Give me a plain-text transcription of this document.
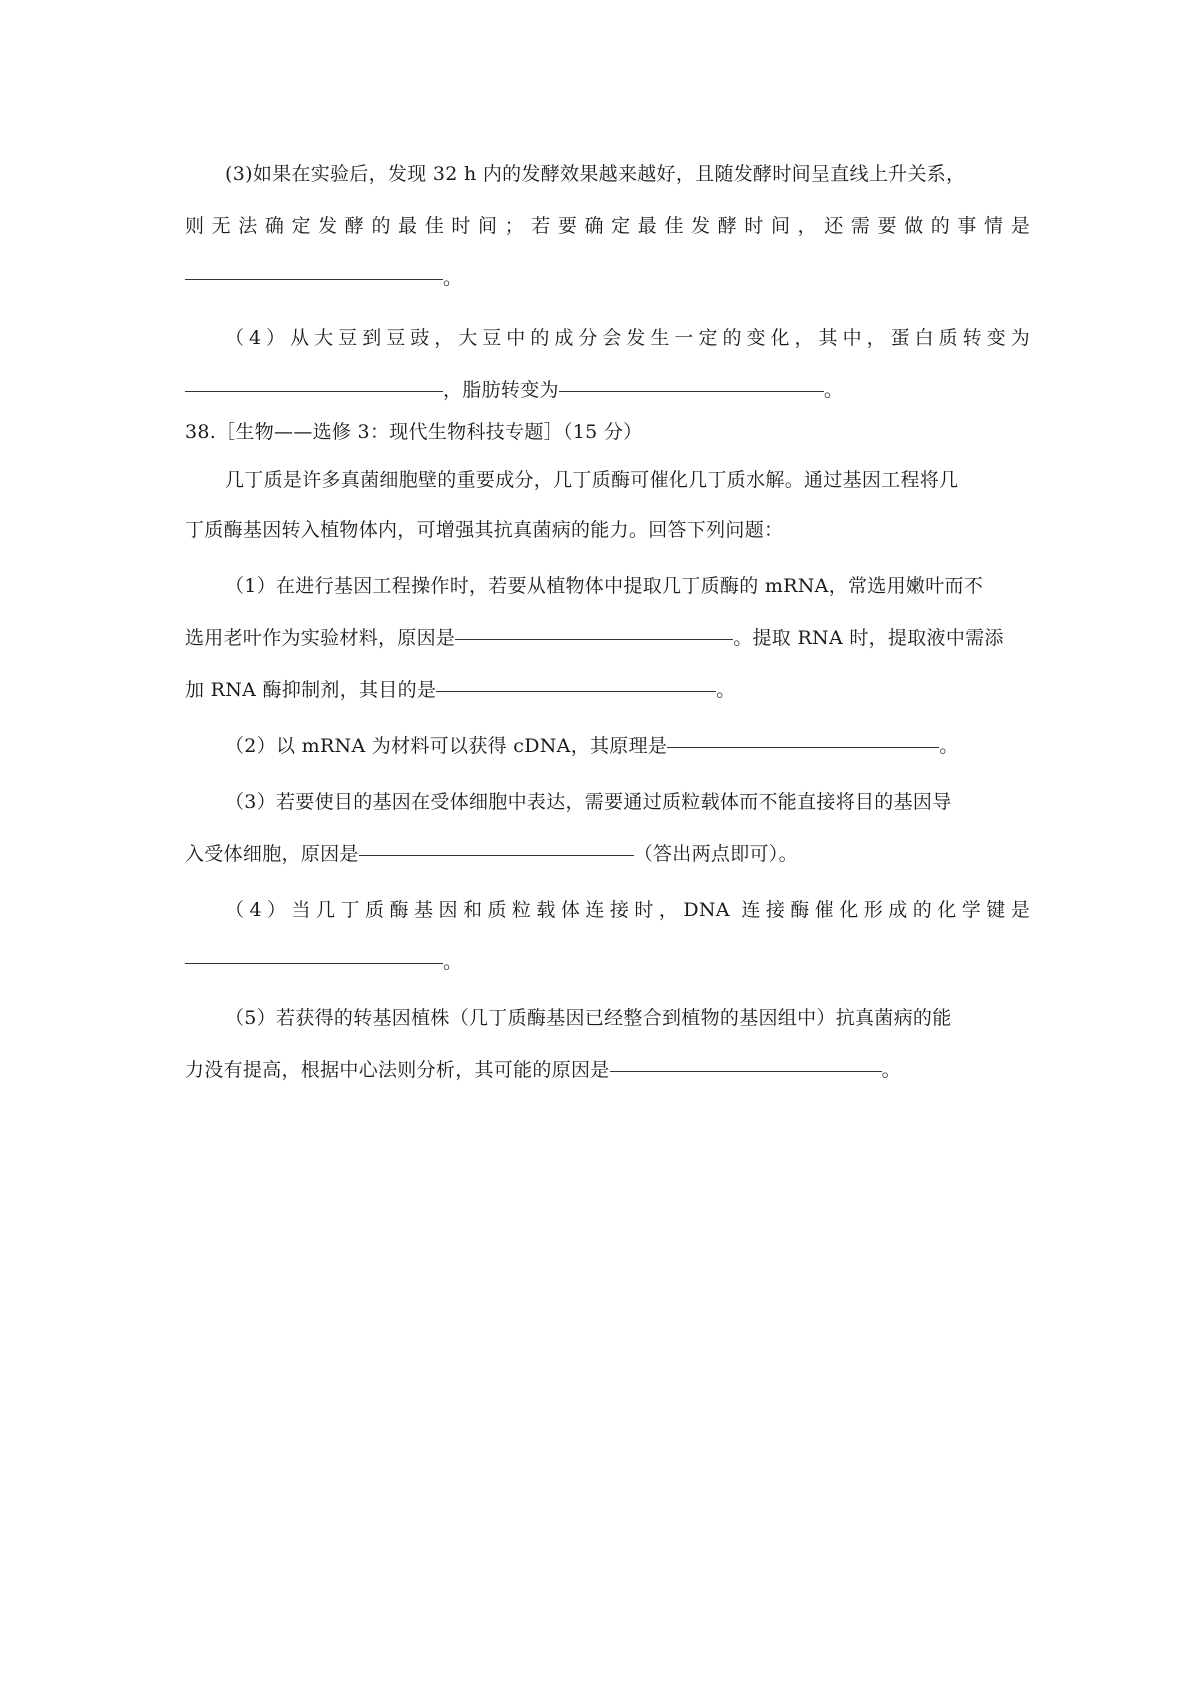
(3)如果在实验后，发现 32 h 内的发酵效果越来越好，且随发酵时间呈直线上升关系，
则无法确定发酵的最佳时间；若要确定最佳发酵时间，还需要做的事情是
。
（4）从大豆到豆豉，大豆中的成分会发生一定的变化，其中，蛋白质转变为
，脂肪转变为	。
38.［生物——选修 3：现代生物科技专题］（15 分）
几丁质是许多真菌细胞壁的重要成分，几丁质酶可催化几丁质水解。通过基因工程将几
丁质酶基因转入植物体内，可增强其抗真菌病的能力。回答下列问题：
（1）在进行基因工程操作时，若要从植物体中提取几丁质酶的 mRNA，常选用嫩叶而不
选用老叶作为实验材料，原因是	。提取 RNA 时，提取液中需添
加 RNA 酶抑制剂，其目的是	。
（2）以 mRNA 为材料可以获得 cDNA，其原理是	。
（3）若要使目的基因在受体细胞中表达，需要通过质粒载体而不能直接将目的基因导
入受体细胞，原因是	（答出两点即可）。
（4）当几丁质酶基因和质粒载体连接时，DNA 连接酶催化形成的化学键是
。
（5）若获得的转基因植株（几丁质酶基因已经整合到植物的基因组中）抗真菌病的能
力没有提高，根据中心法则分析，其可能的原因是	。
